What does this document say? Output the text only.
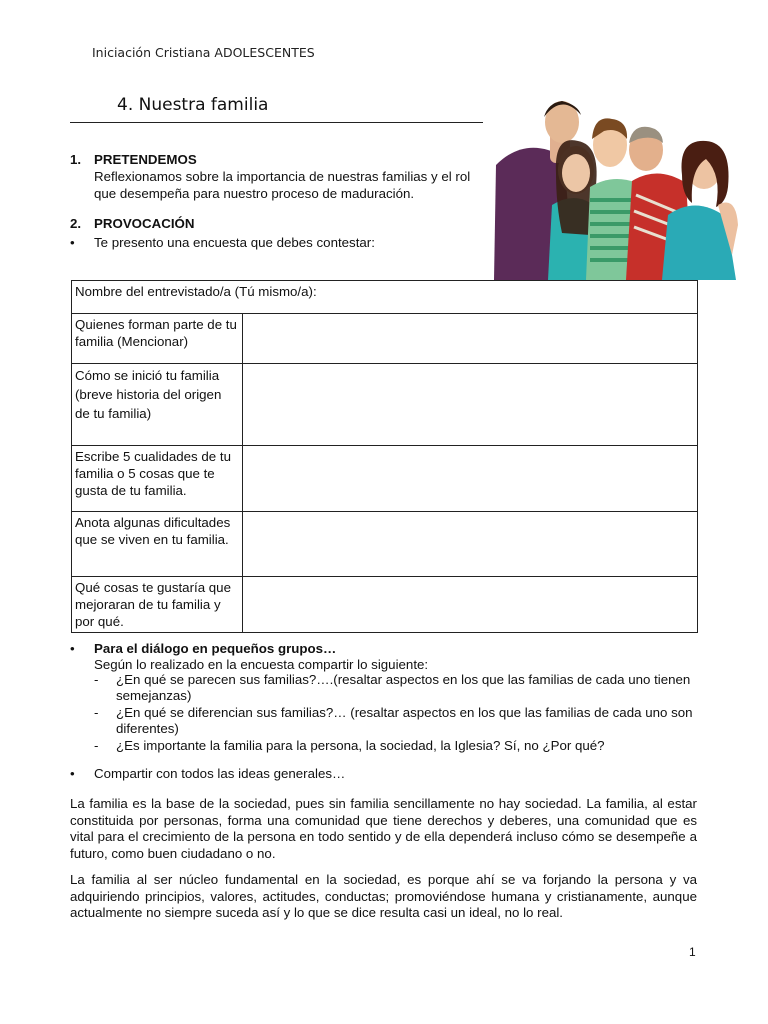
Iniciación Cristiana ADOLESCENTES
4. Nuestra familia
1. PRETENDEMOS
Reflexionamos sobre la importancia de nuestras familias y el rol que desempeña para nuestro proceso de maduración.
2. PROVOCACIÓN
• Te presento una encuesta que debes contestar:
Nombre del entrevistado/a (Tú mismo/a):	
Quienes forman parte de tu familia (Mencionar)	
Cómo se inició tu familia (breve historia del origen de tu familia)	
Escribe 5 cualidades de tu familia o 5 cosas que te gusta de tu familia.	
Anota algunas dificultades que se viven en tu familia.	
Qué cosas te gustaría que mejoraran de tu familia y por qué.	
• Para el diálogo en pequeños grupos…
Según lo realizado en la encuesta compartir lo siguiente:
- ¿En qué se parecen sus familias?….(resaltar aspectos en los que las familias de cada uno tienen semejanzas)
- ¿En qué se diferencian sus familias?… (resaltar aspectos en los que las familias de cada uno son diferentes)
- ¿Es importante la familia para la persona, la sociedad, la Iglesia? Sí, no ¿Por qué?
• Compartir con todos las ideas generales…
La familia es la base de la sociedad, pues sin familia sencillamente no hay sociedad. La familia, al estar constituida por personas, forma una comunidad que tiene derechos y deberes, una comunidad que es vital para el crecimiento de la persona en todo sentido y de ella dependerá incluso cómo se desempeñe a futuro, como buen ciudadano o no.
La familia al ser núcleo fundamental en la sociedad, es porque ahí se va forjando la persona y va adquiriendo principios, valores, actitudes, conductas; promoviéndose humana y cristianamente, aunque actualmente no siempre suceda así y lo que se dice resulta casi un ideal, no lo real.
1
